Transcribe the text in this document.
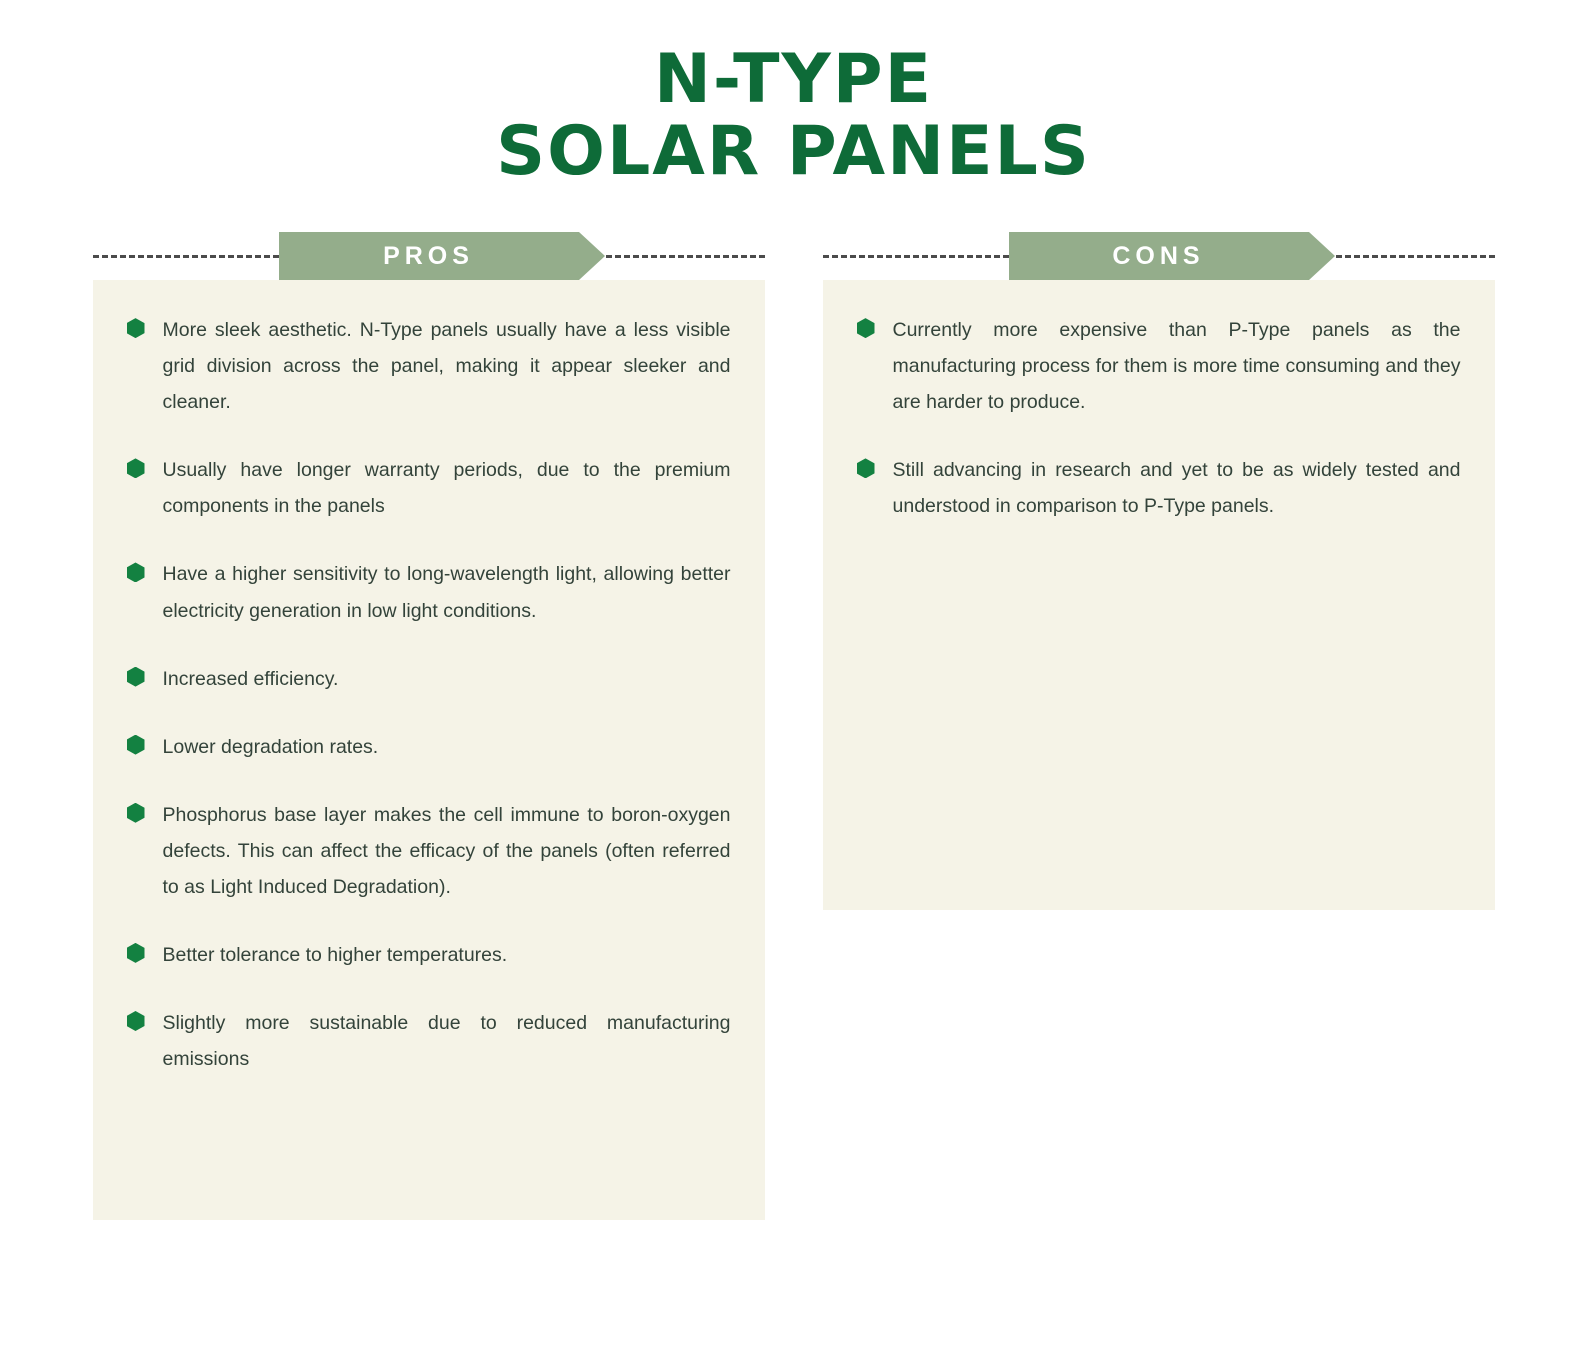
N-TYPE
SOLAR PANELS
PROS
More sleek aesthetic. N-Type panels usually have a less visible grid division across the panel, making it appear sleeker and cleaner.
Usually have longer warranty periods, due to the premium components in the panels
Have a higher sensitivity to long-wavelength light, allowing better electricity generation in low light conditions.
Increased efficiency.
Lower degradation rates.
Phosphorus base layer makes the cell immune to boron-oxygen defects. This can affect the efficacy of the panels (often referred to as Light Induced Degradation).
Better tolerance to higher temperatures.
Slightly more sustainable due to reduced manufacturing emissions
CONS
Currently more expensive than P-Type panels as the manufacturing process for them is more time consuming and they are harder to produce.
Still advancing in research and yet to be as widely tested and understood in comparison to P-Type panels.
